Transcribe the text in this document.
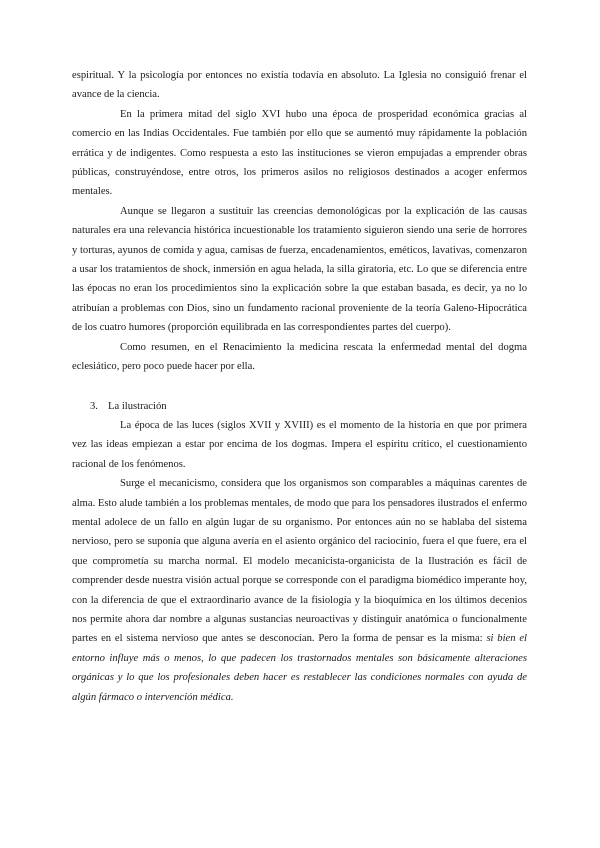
espiritual. Y la psicología por entonces no existía todavía en absoluto. La Iglesia no consiguió frenar el avance de la ciencia.

En la primera mitad del siglo XVI hubo una época de prosperidad económica gracias al comercio en las Indias Occidentales. Fue también por ello que se aumentó muy rápidamente la población errática y de indigentes. Como respuesta a esto las instituciones se vieron empujadas a emprender obras públicas, construyéndose, entre otros, los primeros asilos no religiosos destinados a acoger enfermos mentales.

Aunque se llegaron a sustituir las creencias demonológicas por la explicación de las causas naturales era una relevancia histórica incuestionable los tratamiento siguieron siendo una serie de horrores y torturas, ayunos de comida y agua, camisas de fuerza, encadenamientos, eméticos, lavativas, comenzaron a usar los tratamientos de shock, inmersión en agua helada, la silla giratoria, etc. Lo que se diferencia entre las épocas no eran los procedimientos sino la explicación sobre la que estaban basada, es decir, ya no lo atribuían a problemas con Dios, sino un fundamento racional proveniente de la teoría Galeno-Hipocrática de los cuatro humores (proporción equilibrada en las correspondientes partes del cuerpo).

Como resumen, en el Renacimiento la medicina rescata la enfermedad mental del dogma eclesiático, pero poco puede hacer por ella.

3. La ilustración

La época de las luces (siglos XVII y XVIII) es el momento de la historia en que por primera vez las ideas empiezan a estar por encima de los dogmas. Impera el espíritu crítico, el cuestionamiento racional de los fenómenos.

Surge el mecanicismo, considera que los organismos son comparables a máquinas carentes de alma. Esto alude también a los problemas mentales, de modo que para los pensadores ilustrados el enfermo mental adolece de un fallo en algún lugar de su organismo. Por entonces aún no se hablaba del sistema nervioso, pero se suponía que alguna avería en el asiento orgánico del raciocinio, fuera el que fuere, era el que comprometía su marcha normal. El modelo mecanicista-organicista de la Ilustración es fácil de comprender desde nuestra visión actual porque se corresponde con el paradigma biomédico imperante hoy, con la diferencia de que el extraordinario avance de la fisiología y la bioquímica en los últimos decenios nos permite ahora dar nombre a algunas sustancias neuroactivas y distinguir anatómica o funcionalmente partes en el sistema nervioso que antes se desconocían. Pero la forma de pensar es la misma: si bien el entorno influye más o menos, lo que padecen los trastornados mentales son básicamente alteraciones orgánicas y lo que los profesionales deben hacer es restablecer las condiciones normales con ayuda de algún fármaco o intervención médica.
